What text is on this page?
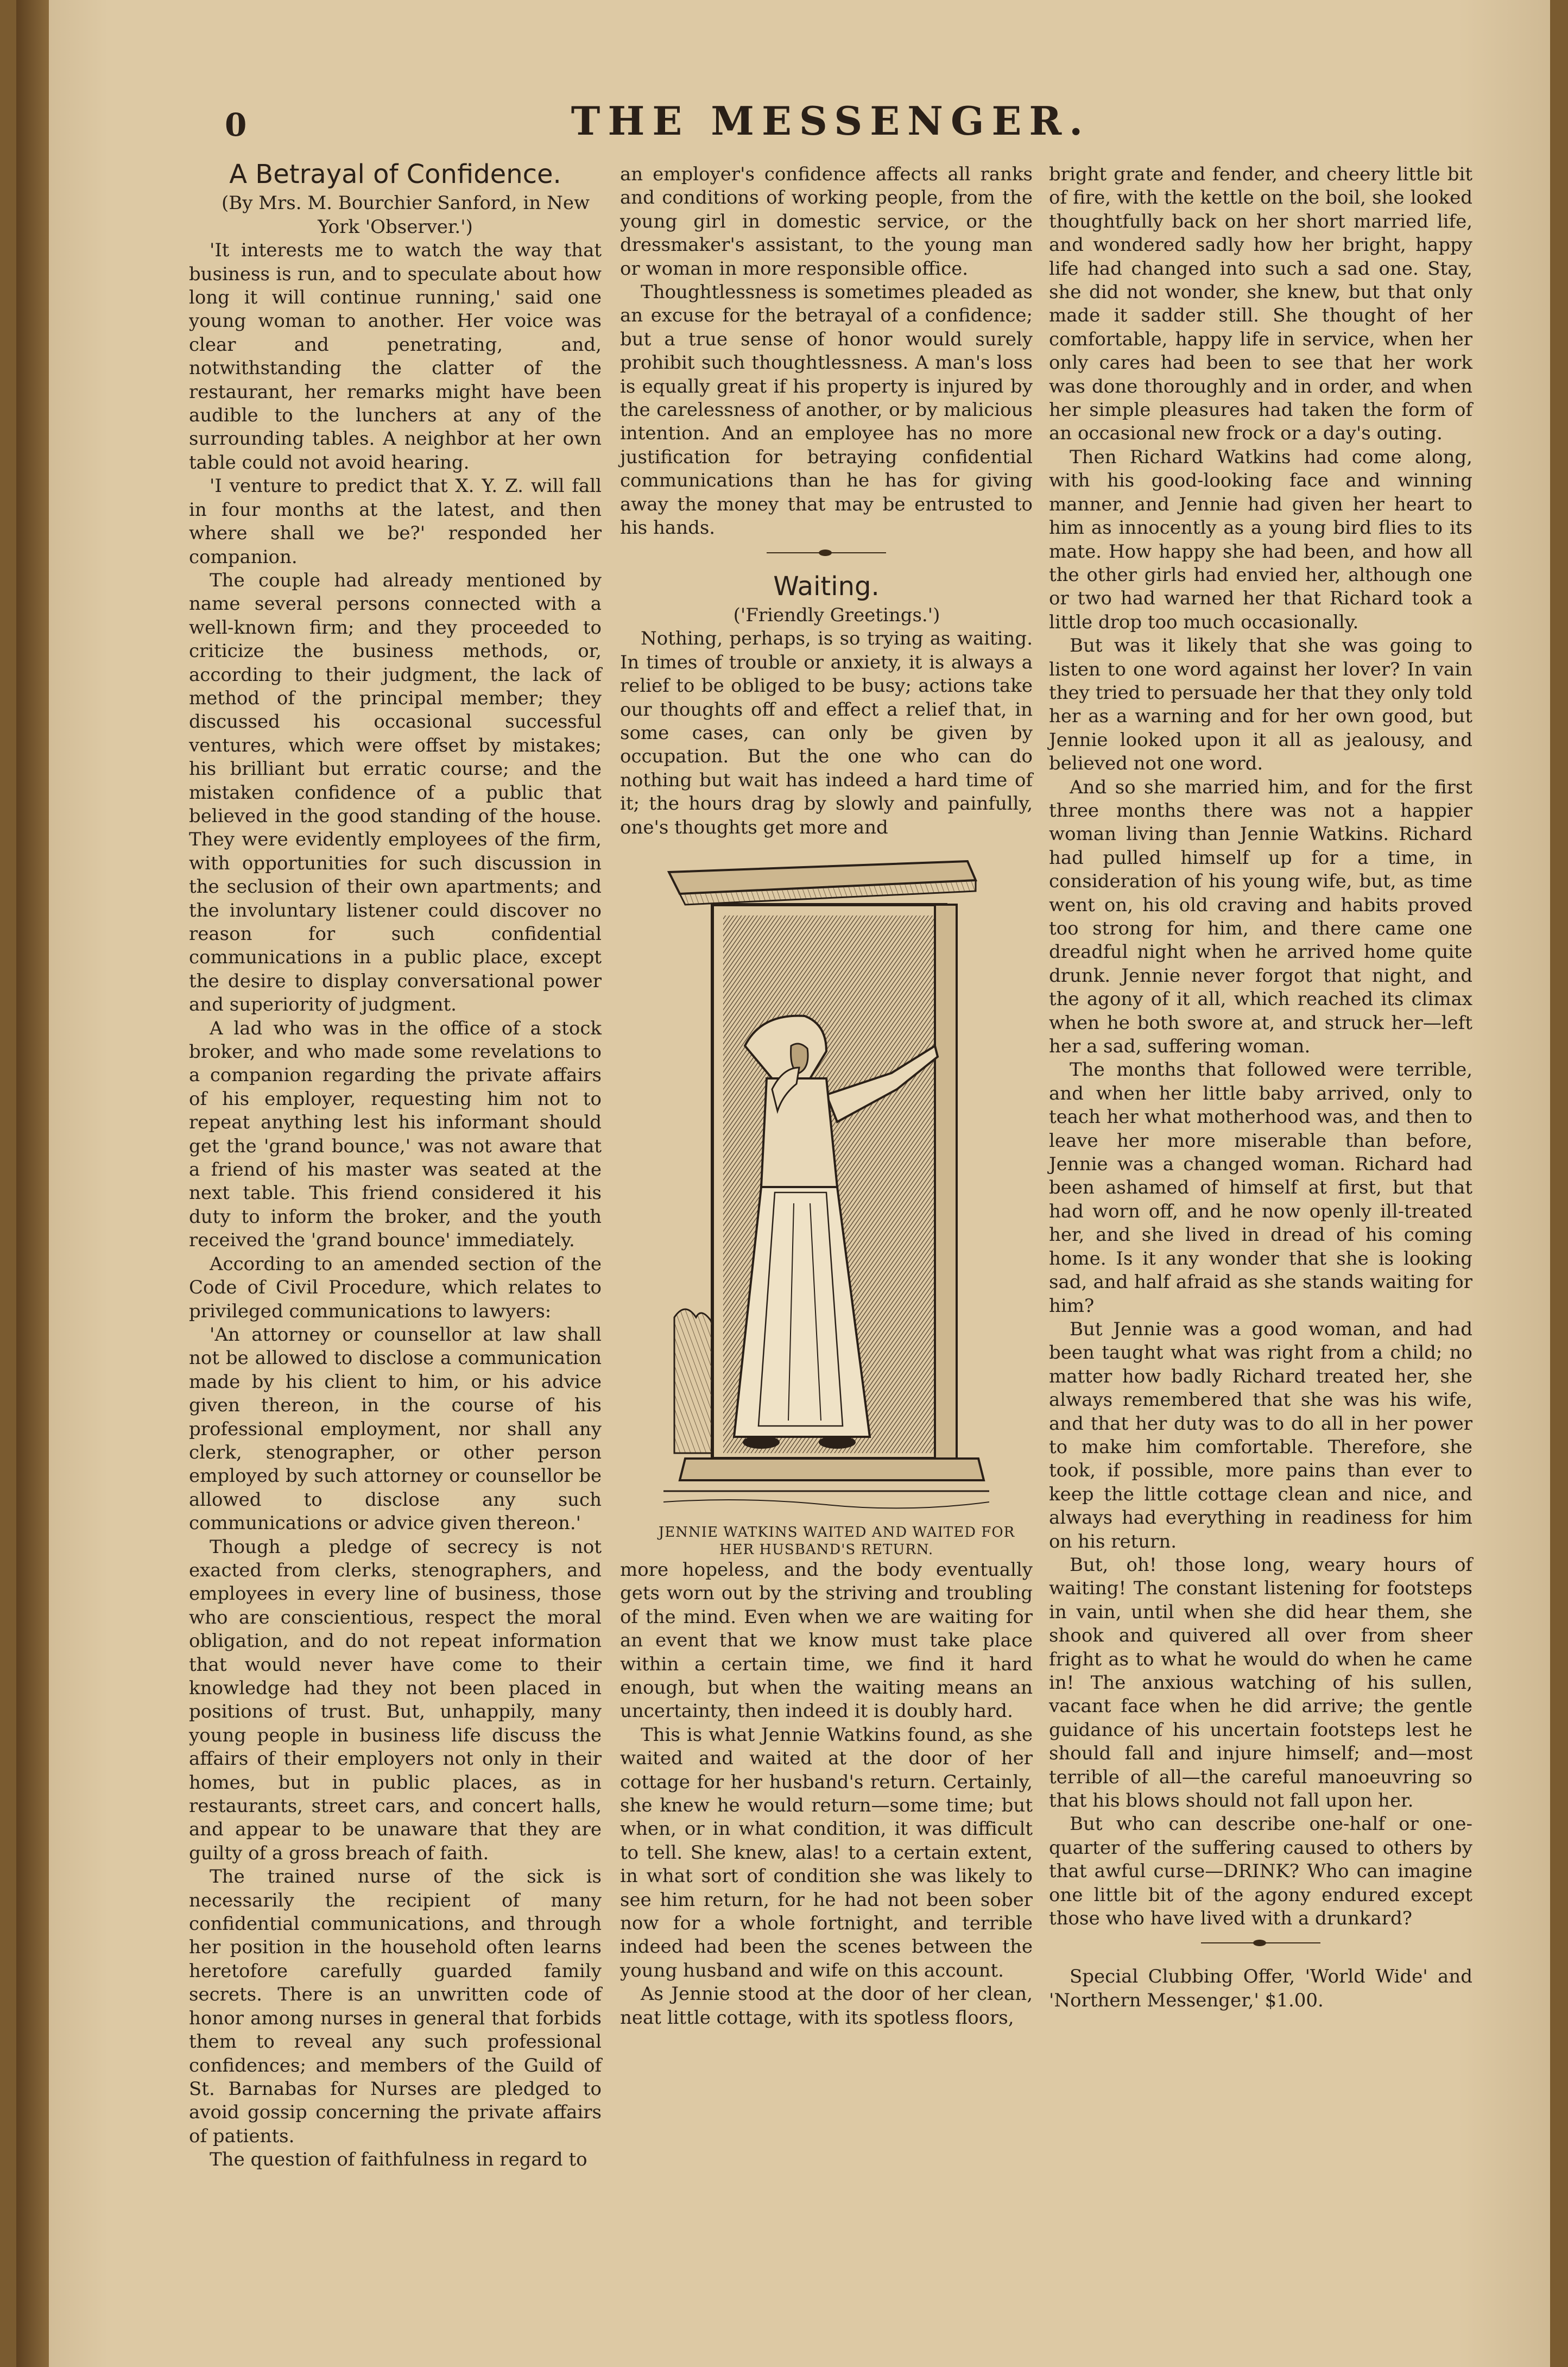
0	THE MESSENGER.
A Betrayal of Confidence.

(By Mrs. M. Bourchier Sanford, in New York 'Observer.')

'It interests me to watch the way that business is run, and to speculate about how long it will continue running,' said one young woman to another. Her voice was clear and penetrating, and, notwithstanding the clatter of the restaurant, her remarks might have been audible to the lunchers at any of the surrounding tables. A neighbor at her own table could not avoid hearing.

'I venture to predict that X. Y. Z. will fall in four months at the latest, and then where shall we be?' responded her companion.

The couple had already mentioned by name several persons connected with a well-known firm; and they proceeded to criticize the business methods, or, according to their judgment, the lack of method of the principal member; they discussed his occasional successful ventures, which were offset by mistakes; his brilliant but erratic course; and the mistaken confidence of a public that believed in the good standing of the house. They were evidently employees of the firm, with opportunities for such discussion in the seclusion of their own apartments; and the involuntary listener could discover no reason for such confidential communications in a public place, except the desire to display conversational power and superiority of judgment.

A lad who was in the office of a stock broker, and who made some revelations to a companion regarding the private affairs of his employer, requesting him not to repeat anything lest his informant should get the 'grand bounce,' was not aware that a friend of his master was seated at the next table. This friend considered it his duty to inform the broker, and the youth received the 'grand bounce' immediately.

According to an amended section of the Code of Civil Procedure, which relates to privileged communications to lawyers:

'An attorney or counsellor at law shall not be allowed to disclose a communication made by his client to him, or his advice given thereon, in the course of his professional employment, nor shall any clerk, stenographer, or other person employed by such attorney or counsellor be allowed to disclose any such communications or advice given thereon.'

Though a pledge of secrecy is not exacted from clerks, stenographers, and employees in every line of business, those who are conscientious, respect the moral obligation, and do not repeat information that would never have come to their knowledge had they not been placed in positions of trust. But, unhappily, many young people in business life discuss the affairs of their employers not only in their homes, but in public places, as in restaurants, street cars, and concert halls, and appear to be unaware that they are guilty of a gross breach of faith.

The trained nurse of the sick is necessarily the recipient of many confidential communications, and through her position in the household often learns heretofore carefully guarded family secrets. There is an unwritten code of honor among nurses in general that forbids them to reveal any such professional confidences; and members of the Guild of St. Barnabas for Nurses are pledged to avoid gossip concerning the private affairs of patients.

The question of faithfulness in regard to

an employer's confidence affects all ranks and conditions of working people, from the young girl in domestic service, or the dressmaker's assistant, to the young man or woman in more responsible office.

Thoughtlessness is sometimes pleaded as an excuse for the betrayal of a confidence; but a true sense of honor would surely prohibit such thoughtlessness. A man's loss is equally great if his property is injured by the carelessness of another, or by malicious intention. And an employee has no more justification for betraying confidential communications than he has for giving away the money that may be entrusted to his hands.

Waiting.

('Friendly Greetings.')

Nothing, perhaps, is so trying as waiting. In times of trouble or anxiety, it is always a relief to be obliged to be busy; actions take our thoughts off and effect a relief that, in some cases, can only be given by occupation. But the one who can do nothing but wait has indeed a hard time of it; the hours drag by slowly and painfully, one's thoughts get more and

JENNIE WATKINS WAITED AND WAITED FOR HER HUSBAND'S RETURN.

more hopeless, and the body eventually gets worn out by the striving and troubling of the mind. Even when we are waiting for an event that we know must take place within a certain time, we find it hard enough, but when the waiting means an uncertainty, then indeed it is doubly hard.

This is what Jennie Watkins found, as she waited and waited at the door of her cottage for her husband's return. Certainly, she knew he would return—some time; but when, or in what condition, it was difficult to tell. She knew, alas! to a certain extent, in what sort of condition she was likely to see him return, for he had not been sober now for a whole fortnight, and terrible indeed had been the scenes between the young husband and wife on this account.

As Jennie stood at the door of her clean, neat little cottage, with its spotless floors,

bright grate and fender, and cheery little bit of fire, with the kettle on the boil, she looked thoughtfully back on her short married life, and wondered sadly how her bright, happy life had changed into such a sad one. Stay, she did not wonder, she knew, but that only made it sadder still. She thought of her comfortable, happy life in service, when her only cares had been to see that her work was done thoroughly and in order, and when her simple pleasures had taken the form of an occasional new frock or a day's outing.

Then Richard Watkins had come along, with his good-looking face and winning manner, and Jennie had given her heart to him as innocently as a young bird flies to its mate. How happy she had been, and how all the other girls had envied her, although one or two had warned her that Richard took a little drop too much occasionally.

But was it likely that she was going to listen to one word against her lover? In vain they tried to persuade her that they only told her as a warning and for her own good, but Jennie looked upon it all as jealousy, and believed not one word.

And so she married him, and for the first three months there was not a happier woman living than Jennie Watkins. Richard had pulled himself up for a time, in consideration of his young wife, but, as time went on, his old craving and habits proved too strong for him, and there came one dreadful night when he arrived home quite drunk. Jennie never forgot that night, and the agony of it all, which reached its climax when he both swore at, and struck her—left her a sad, suffering woman.

The months that followed were terrible, and when her little baby arrived, only to teach her what motherhood was, and then to leave her more miserable than before, Jennie was a changed woman. Richard had been ashamed of himself at first, but that had worn off, and he now openly ill-treated her, and she lived in dread of his coming home. Is it any wonder that she is looking sad, and half afraid as she stands waiting for him?

But Jennie was a good woman, and had been taught what was right from a child; no matter how badly Richard treated her, she always remembered that she was his wife, and that her duty was to do all in her power to make him comfortable. Therefore, she took, if possible, more pains than ever to keep the little cottage clean and nice, and always had everything in readiness for him on his return.

But, oh! those long, weary hours of waiting! The constant listening for footsteps in vain, until when she did hear them, she shook and quivered all over from sheer fright as to what he would do when he came in! The anxious watching of his sullen, vacant face when he did arrive; the gentle guidance of his uncertain footsteps lest he should fall and injure himself; and—most terrible of all—the careful manoeuvring so that his blows should not fall upon her.

But who can describe one-half or one-quarter of the suffering caused to others by that awful curse—DRINK? Who can imagine one little bit of the agony endured except those who have lived with a drunkard?

Special Clubbing Offer, 'World Wide' and 'Northern Messenger,' $1.00.
